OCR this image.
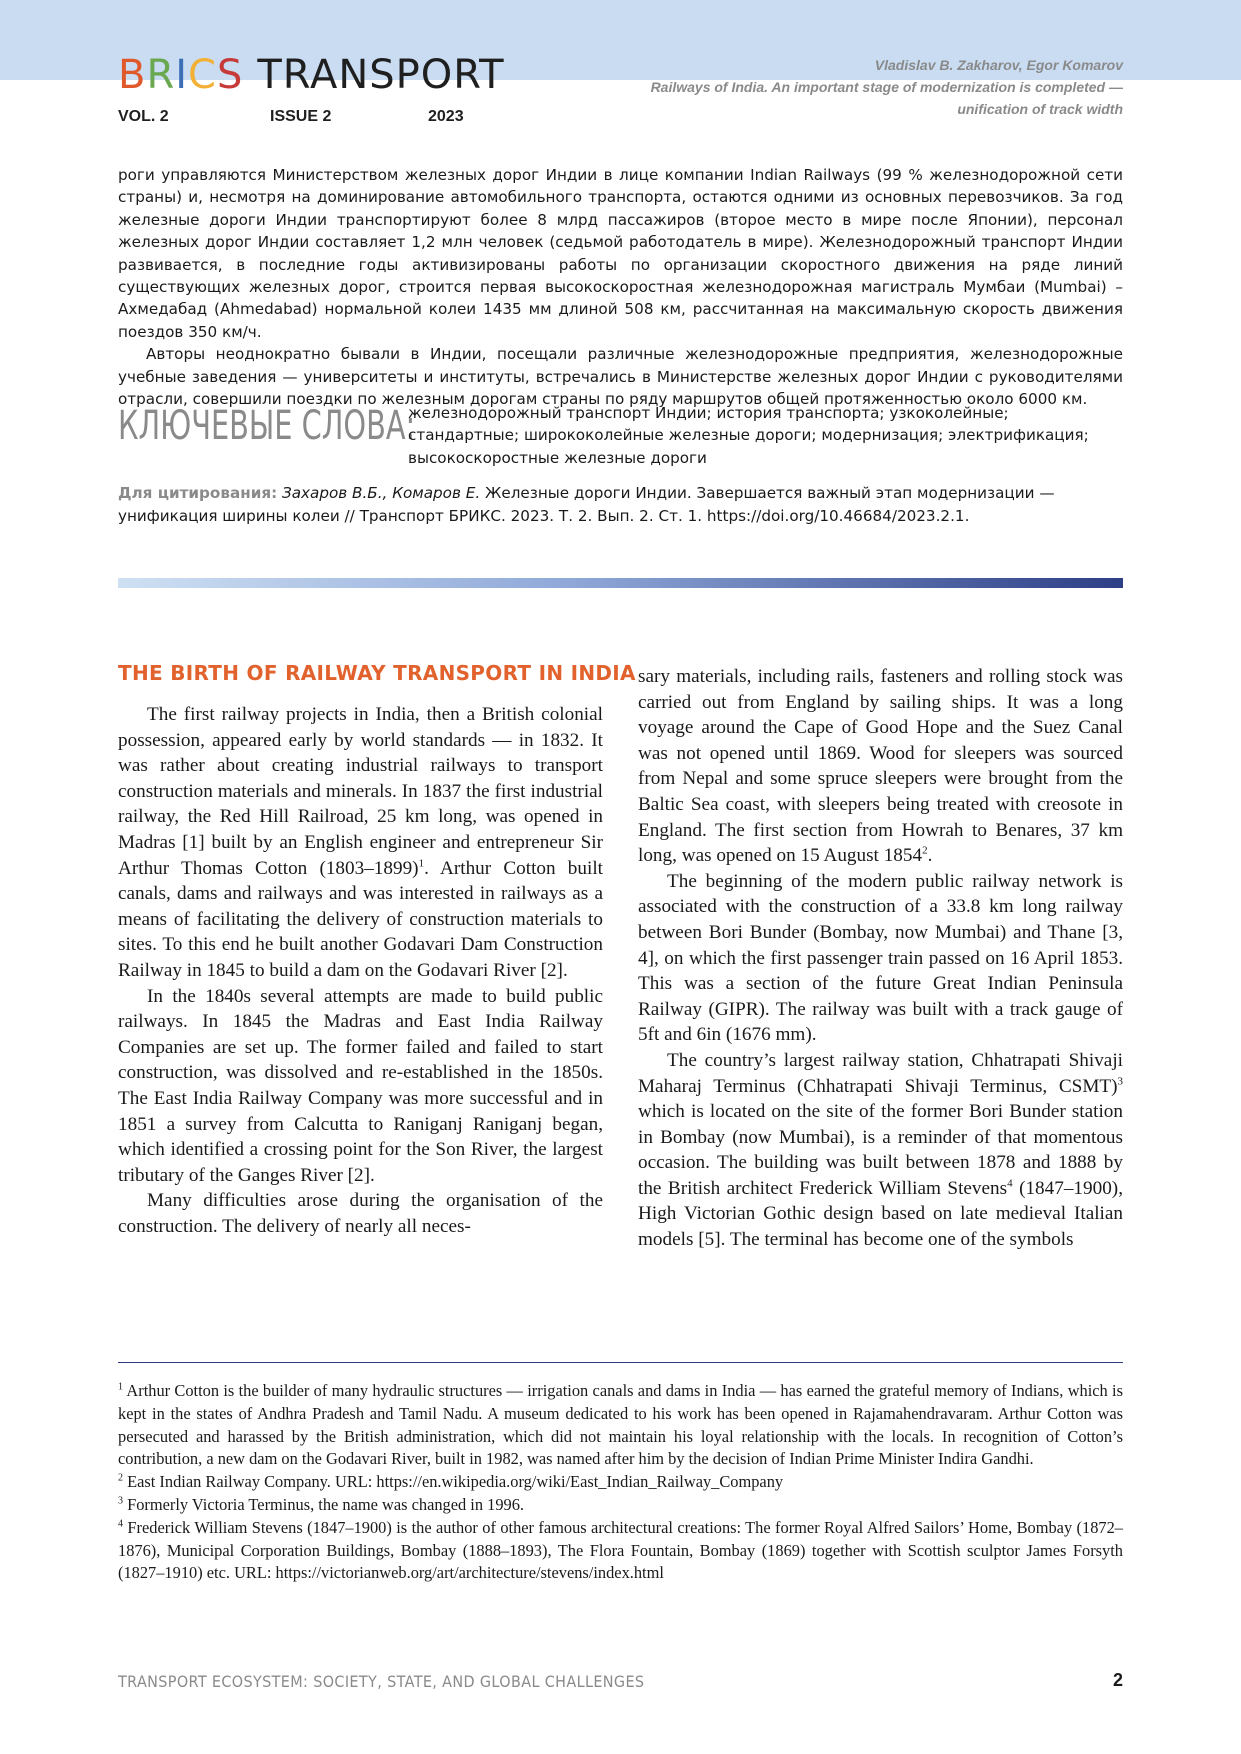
BRICS TRANSPORT
VOL. 2	ISSUE 2	2023
Vladislav B. Zakharov, Egor Komarov
Railways of India. An important stage of modernization is completed —
unification of track width

роги управляются Министерством железных дорог Индии в лице компании Indian Railways (99 % железнодорожной сети страны) и, несмотря на доминирование автомобильного транспорта, остаются одними из основных перевозчиков. За год железные дороги Индии транспортируют более 8 млрд пассажиров (второе место в мире после Японии), персонал железных дорог Индии составляет 1,2 млн человек (седьмой работодатель в мире). Железнодорожный транспорт Индии развивается, в последние годы активизированы работы по организации скоростного движения на ряде линий существующих железных дорог, строится первая высокоскоростная железнодорожная магистраль Мумбаи (Mumbai) – Ахмедабад (Ahmedabad) нормальной колеи 1435 мм длиной 508 км, рассчитанная на максимальную скорость движения поездов 350 км/ч.

Авторы неоднократно бывали в Индии, посещали различные железнодорожные предприятия, железнодорожные учебные заведения — университеты и институты, встречались в Министерстве железных дорог Индии с руководителями отрасли, совершили поездки по железным дорогам страны по ряду маршрутов общей протяженностью около 6000 км.

КЛЮЧЕВЫЕ СЛОВА:
железнодорожный транспорт Индии; история транспорта; узкоколейные; стандартные; ширококолейные железные дороги; модернизация; электрификация; высокоскоростные железные дороги
Для цитирования: Захаров В.Б., Комаров Е. Железные дороги Индии. Завершается важный этап модернизации — унификация ширины колеи // Транспорт БРИКС. 2023. Т. 2. Вып. 2. Ст. 1. https://doi.org/10.46684/2023.2.1.
THE BIRTH OF RAILWAY TRANSPORT IN INDIA

The first railway projects in India, then a British colonial possession, appeared early by world standards — in 1832. It was rather about creating industrial railways to transport construction materials and minerals. In 1837 the first industrial railway, the Red Hill Railroad, 25 km long, was opened in Madras [1] built by an English engineer and entrepreneur Sir Arthur Thomas Cotton (1803–1899)$^1$. Arthur Cotton built canals, dams and railways and was interested in railways as a means of facilitating the delivery of construction materials to sites. To this end he built another Godavari Dam Construction Railway in 1845 to build a dam on the Godavari River [2].

In the 1840s several attempts are made to build public railways. In 1845 the Madras and East India Railway Companies are set up. The former failed and failed to start construction, was dissolved and re-established in the 1850s. The East India Railway Company was more successful and in 1851 a survey from Calcutta to Raniganj Raniganj began, which identified a crossing point for the Son River, the largest tributary of the Ganges River [2].

Many difficulties arose during the organisation of the construction. The delivery of nearly all neces-

sary materials, including rails, fasteners and rolling stock was carried out from England by sailing ships. It was a long voyage around the Cape of Good Hope and the Suez Canal was not opened until 1869. Wood for sleepers was sourced from Nepal and some spruce sleepers were brought from the Baltic Sea coast, with sleepers being treated with creosote in England. The first section from Howrah to Benares, 37 km long, was opened on 15 August 1854$^2$.

The beginning of the modern public railway network is associated with the construction of a 33.8 km long railway between Bori Bunder (Bombay, now Mumbai) and Thane [3, 4], on which the first passenger train passed on 16 April 1853. This was a section of the future Great Indian Peninsula Railway (GIPR). The railway was built with a track gauge of 5ft and 6in (1676 mm).

The country’s largest railway station, Chhatrapati Shivaji Maharaj Terminus (Chhatrapati Shivaji Terminus, CSMT)$^3$ which is located on the site of the former Bori Bunder station in Bombay (now Mumbai), is a reminder of that momentous occasion. The building was built between 1878 and 1888 by the British architect Frederick William Stevens$^4$ (1847–1900), High Victorian Gothic design based on late medieval Italian models [5]. The terminal has become one of the symbols

$^1$ Arthur Cotton is the builder of many hydraulic structures — irrigation canals and dams in India — has earned the grateful memory of Indians, which is kept in the states of Andhra Pradesh and Tamil Nadu. A museum dedicated to his work has been opened in Rajamahendravaram. Arthur Cotton was persecuted and harassed by the British administration, which did not maintain his loyal relationship with the locals. In recognition of Cotton’s contribution, a new dam on the Godavari River, built in 1982, was named after him by the decision of Indian Prime Minister Indira Gandhi.

$^2$ East Indian Railway Company. URL: https://en.wikipedia.org/wiki/East_Indian_Railway_Company

$^3$ Formerly Victoria Terminus, the name was changed in 1996.

$^4$ Frederick William Stevens (1847–1900) is the author of other famous architectural creations: The former Royal Alfred Sailors’ Home, Bombay (1872–1876), Municipal Corporation Buildings, Bombay (1888–1893), The Flora Fountain, Bombay (1869) together with Scottish sculptor James Forsyth (1827–1910) etc. URL: https://victorianweb.org/art/architecture/stevens/index.html

TRANSPORT ECOSYSTEM: SOCIETY, STATE, AND GLOBAL CHALLENGES	2
